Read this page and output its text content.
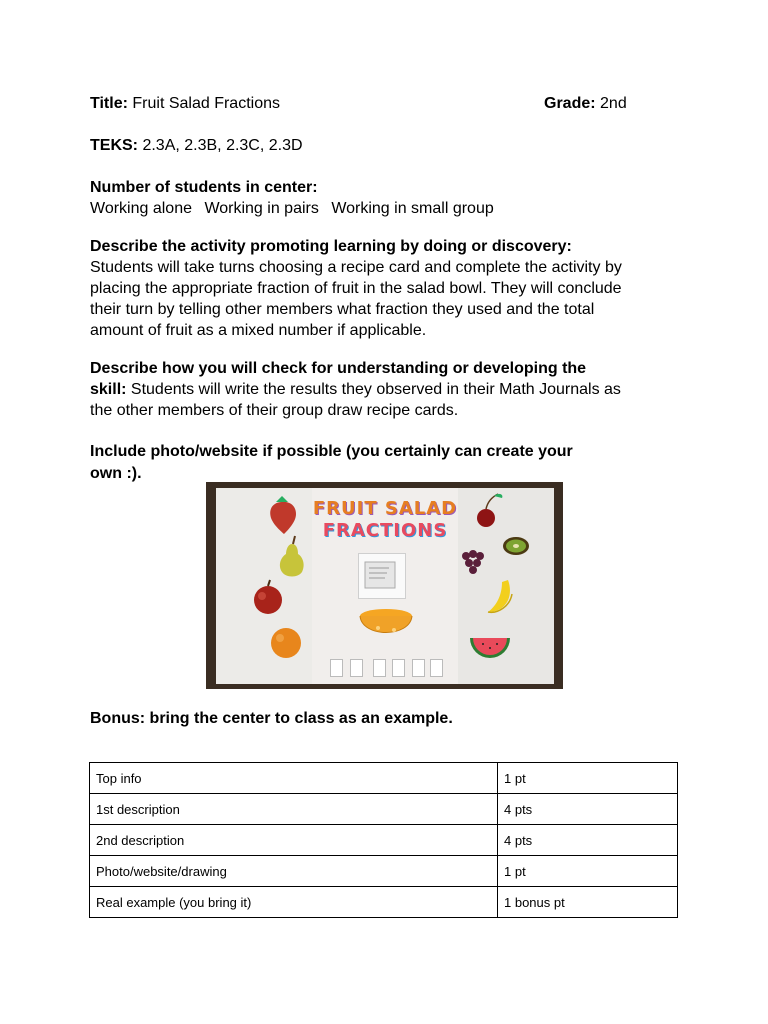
Title: Fruit Salad Fractions	Grade: 2nd
TEKS: 2.3A, 2.3B, 2.3C, 2.3D
Number of students in center:
Working alone Working in pairs Working in small group
Describe the activity promoting learning by doing or discovery:
Students will take turns choosing a recipe card and complete the activity by
placing the appropriate fraction of fruit in the salad bowl. They will conclude
their turn by telling other members what fraction they used and the total
amount of fruit as a mixed number if applicable.
Describe how you will check for understanding or developing the
skill: Students will write the results they observed in their Math Journals as
the other members of their group draw recipe cards.
Include photo/website if possible (you certainly can create your
own :).
FRUIT SALAD
FRACTIONS
Bonus: bring the center to class as an example.
Top info	1 pt
1st description	4 pts
2nd description	4 pts
Photo/website/drawing	1 pt
Real example (you bring it)	1 bonus pt
